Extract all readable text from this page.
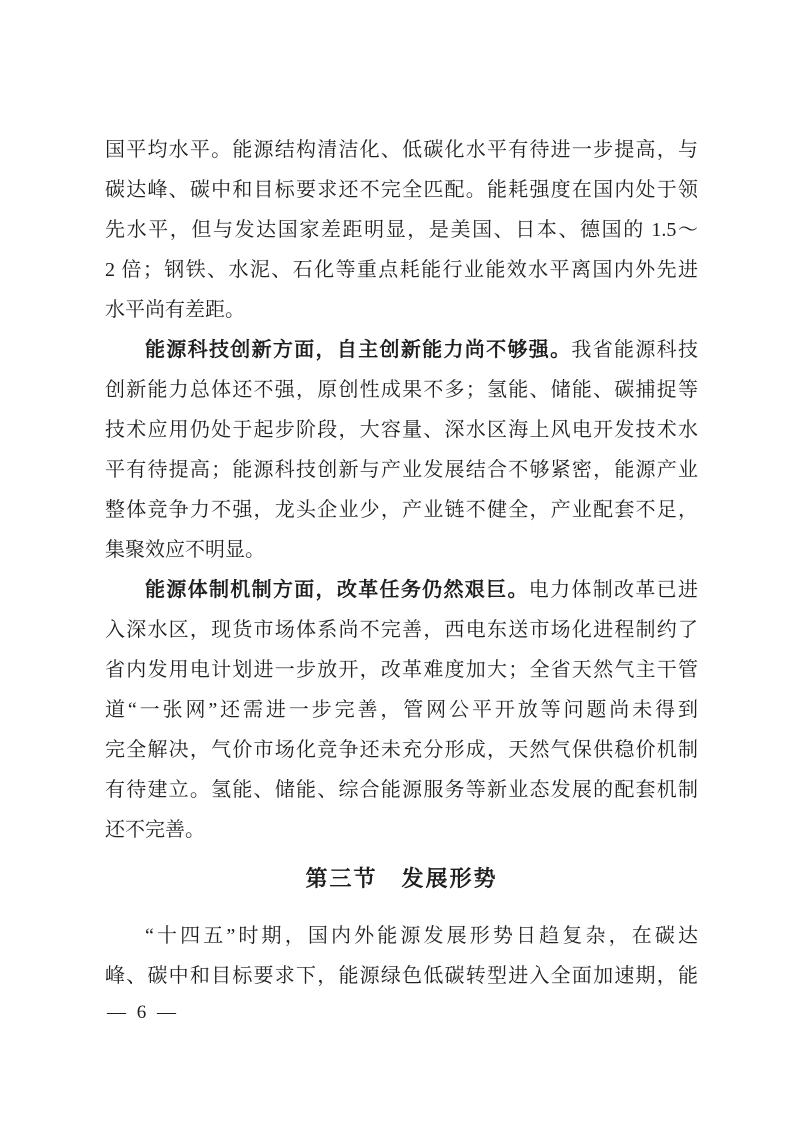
国平均水平。能源结构清洁化、低碳化水平有待进一步提高，与
碳达峰、碳中和目标要求还不完全匹配。能耗强度在国内处于领
先水平，但与发达国家差距明显，是美国、日本、德国的 1.5～
2 倍；钢铁、水泥、石化等重点耗能行业能效水平离国内外先进
水平尚有差距。
能源科技创新方面，自主创新能力尚不够强。我省能源科技
创新能力总体还不强，原创性成果不多；氢能、储能、碳捕捉等
技术应用仍处于起步阶段，大容量、深水区海上风电开发技术水
平有待提高；能源科技创新与产业发展结合不够紧密，能源产业
整体竞争力不强，龙头企业少，产业链不健全，产业配套不足，
集聚效应不明显。
能源体制机制方面，改革任务仍然艰巨。电力体制改革已进
入深水区，现货市场体系尚不完善，西电东送市场化进程制约了
省内发用电计划进一步放开，改革难度加大；全省天然气主干管
道“一张网”还需进一步完善，管网公平开放等问题尚未得到
完全解决，气价市场化竞争还未充分形成，天然气保供稳价机制
有待建立。氢能、储能、综合能源服务等新业态发展的配套机制
还不完善。
第三节　发展形势
“十四五”时期，国内外能源发展形势日趋复杂，在碳达
峰、碳中和目标要求下，能源绿色低碳转型进入全面加速期，能
— 6 —
